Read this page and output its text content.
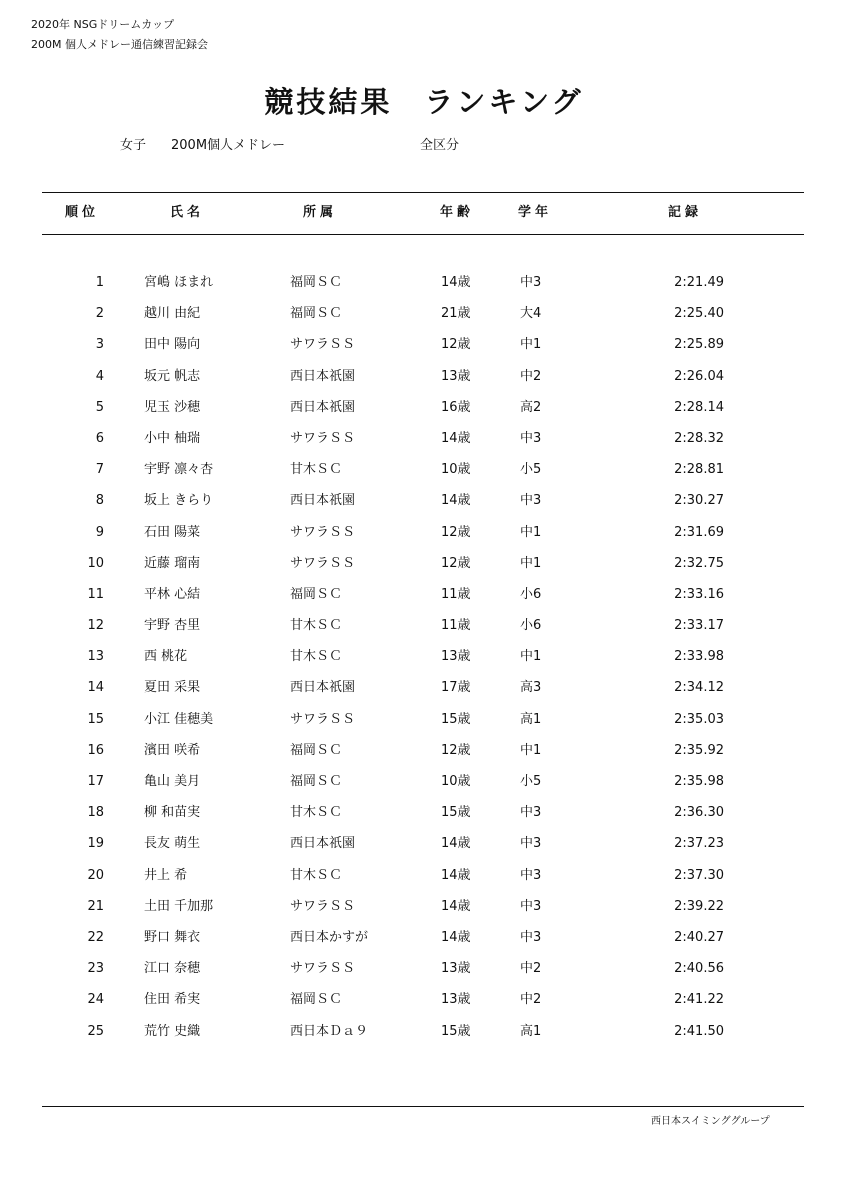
2020年 NSGドリームカップ
200M 個人メドレー通信練習記録会
競技結果　ランキング
女子 200M個人メドレー	全区分
順位	氏名	所属	年齢	学年	記録
1	宮嶋 ほまれ	福岡ＳＣ	14歳	中3	2:21.49
2	越川 由紀	福岡ＳＣ	21歳	大4	2:25.40
3	田中 陽向	サワラＳＳ	12歳	中1	2:25.89
4	坂元 帆志	西日本祇園	13歳	中2	2:26.04
5	児玉 沙穂	西日本祇園	16歳	高2	2:28.14
6	小中 柚瑞	サワラＳＳ	14歳	中3	2:28.32
7	宇野 凛々杏	甘木ＳＣ	10歳	小5	2:28.81
8	坂上 きらり	西日本祇園	14歳	中3	2:30.27
9	石田 陽菜	サワラＳＳ	12歳	中1	2:31.69
10	近藤 瑠南	サワラＳＳ	12歳	中1	2:32.75
11	平林 心結	福岡ＳＣ	11歳	小6	2:33.16
12	宇野 杏里	甘木ＳＣ	11歳	小6	2:33.17
13	西 桃花	甘木ＳＣ	13歳	中1	2:33.98
14	夏田 采果	西日本祇園	17歳	高3	2:34.12
15	小江 佳穂美	サワラＳＳ	15歳	高1	2:35.03
16	濱田 咲希	福岡ＳＣ	12歳	中1	2:35.92
17	亀山 美月	福岡ＳＣ	10歳	小5	2:35.98
18	柳 和苗実	甘木ＳＣ	15歳	中3	2:36.30
19	長友 萌生	西日本祇園	14歳	中3	2:37.23
20	井上 希	甘木ＳＣ	14歳	中3	2:37.30
21	土田 千加那	サワラＳＳ	14歳	中3	2:39.22
22	野口 舞衣	西日本かすが	14歳	中3	2:40.27
23	江口 奈穂	サワラＳＳ	13歳	中2	2:40.56
24	住田 希実	福岡ＳＣ	13歳	中2	2:41.22
25	荒竹 史織	西日本Ｄａ９	15歳	高1	2:41.50
西日本スイミンググループ
